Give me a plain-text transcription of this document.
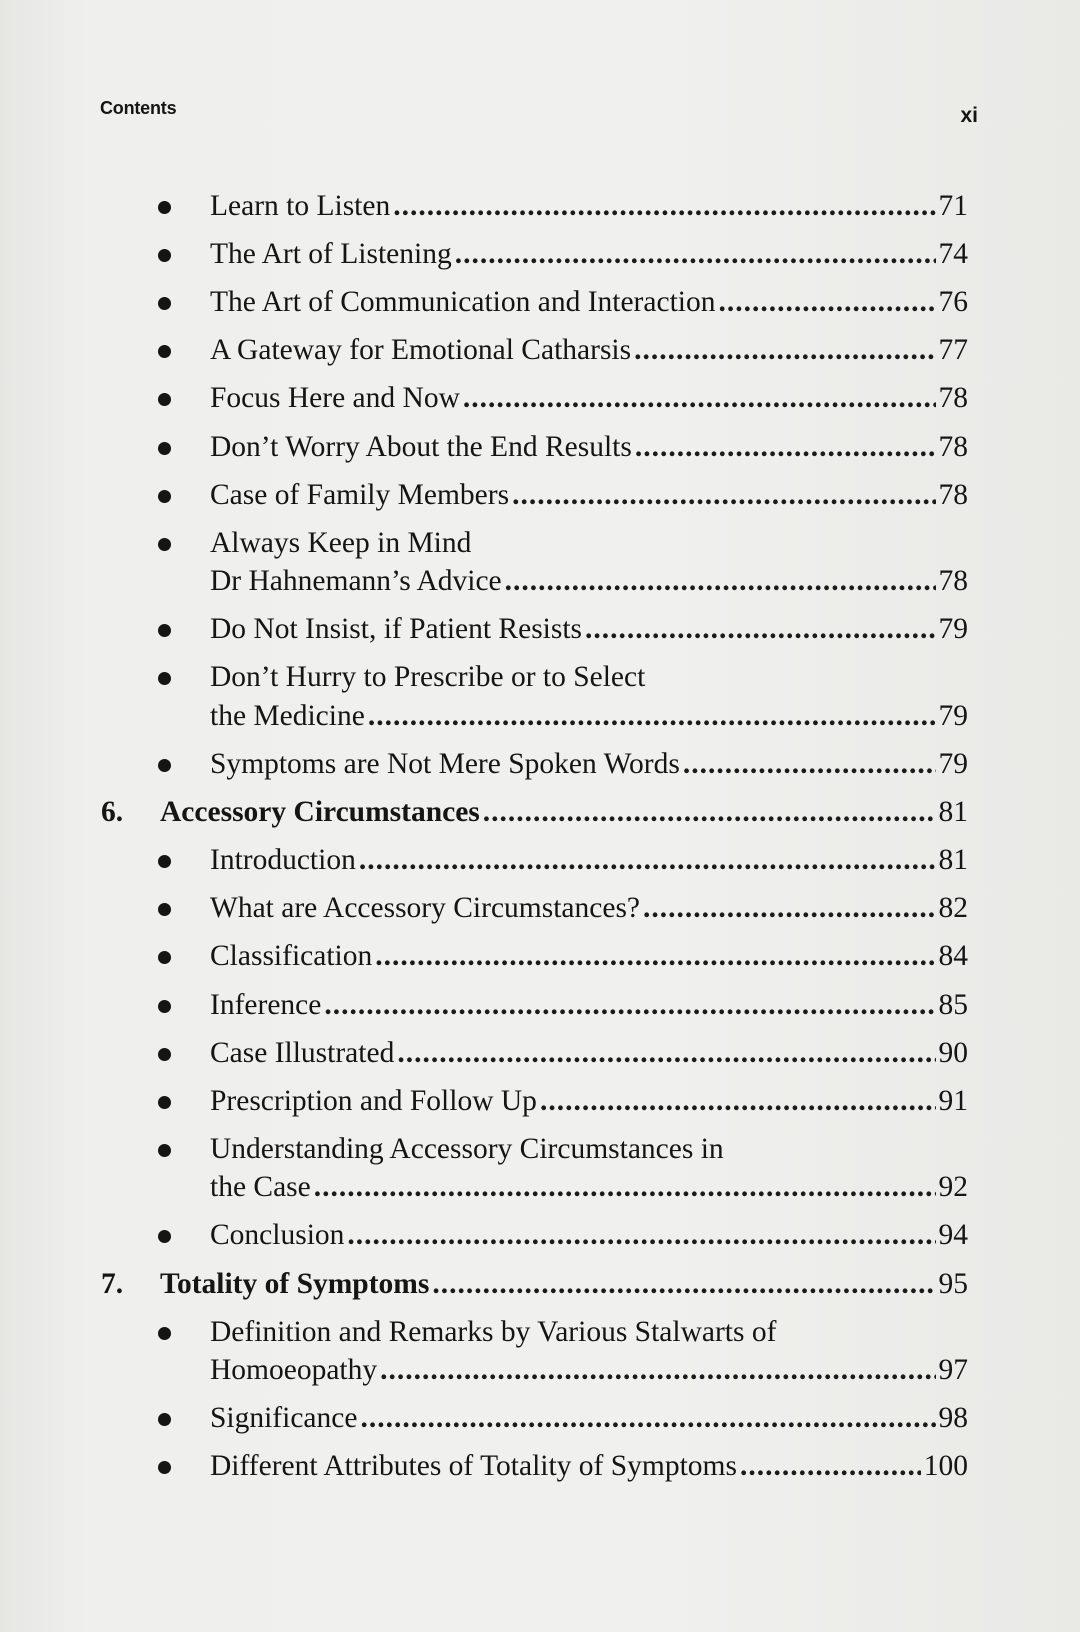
Contents	xi
Learn to Listen .....	71
The Art of Listening .....	74
The Art of Communication and Interaction .....	76
A Gateway for Emotional Catharsis .....	77
Focus Here and Now .....	78
Don’t Worry About the End Results .....	78
Case of Family Members .....	78
Always Keep in Mind
Dr Hahnemann’s Advice .....	78
Do Not Insist, if Patient Resists .....	79
Don’t Hurry to Prescribe or to Select
the Medicine .....	79
Symptoms are Not Mere Spoken Words .....	79
6. Accessory Circumstances .....	81
Introduction .....	81
What are Accessory Circumstances? .....	82
Classification .....	84
Inference .....	85
Case Illustrated .....	90
Prescription and Follow Up .....	91
Understanding Accessory Circumstances in
the Case .....	92
Conclusion .....	94
7. Totality of Symptoms .....	95
Definition and Remarks by Various Stalwarts of
Homoeopathy .....	97
Significance .....	98
Different Attributes of Totality of Symptoms .....	100
